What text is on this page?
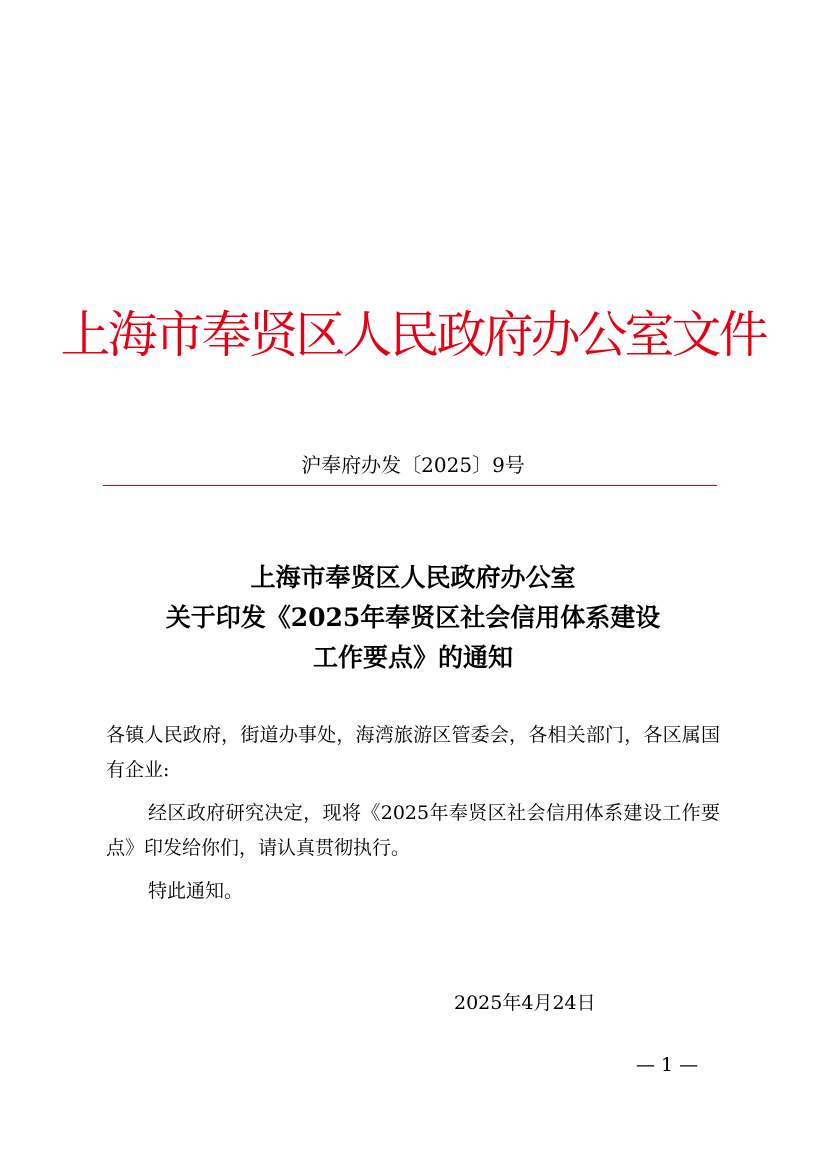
上海市奉贤区人民政府办公室文件
沪奉府办发〔2025〕9号
上海市奉贤区人民政府办公室
关于印发《2025年奉贤区社会信用体系建设
工作要点》的通知
各镇人民政府，街道办事处，海湾旅游区管委会，各相关部门，各区属国有企业:
经区政府研究决定，现将《2025年奉贤区社会信用体系建设工作要点》印发给你们，请认真贯彻执行。
特此通知。
2025年4月24日
— 1 —
